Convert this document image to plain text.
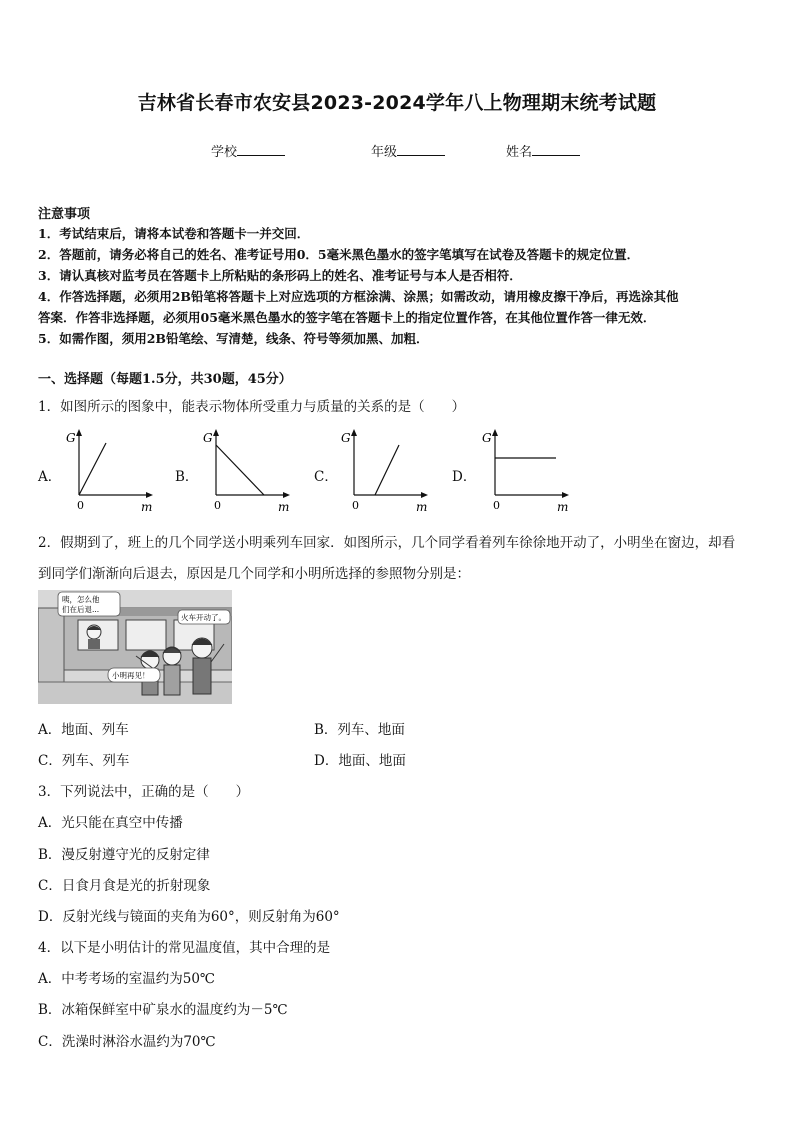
吉林省长春市农安县2023-2024学年八上物理期末统考试题
学校	年级	姓名
注意事项
1．考试结束后，请将本试卷和答题卡一并交回．
2．答题前，请务必将自己的姓名、准考证号用0．5毫米黑色墨水的签字笔填写在试卷及答题卡的规定位置．
3．请认真核对监考员在答题卡上所粘贴的条形码上的姓名、准考证号与本人是否相符．
4．作答选择题，必须用2B铅笔将答题卡上对应选项的方框涂满、涂黑；如需改动，请用橡皮擦干净后，再选涂其他
答案．作答非选择题，必须用05毫米黑色墨水的签字笔在答题卡上的指定位置作答，在其他位置作答一律无效．
5．如需作图，须用2B铅笔绘、写清楚，线条、符号等须加黑、加粗．
一、选择题（每题1.5分，共30题，45分）
1．如图所示的图象中，能表示物体所受重力与质量的关系的是（　　）
A．	B．	C．	D．
G
0	m
G
0	m
G
0	m
G
0	m
2．假期到了，班上的几个同学送小明乘列车回家．如图所示，几个同学看着列车徐徐地开动了，小明坐在窗边，却看
到同学们渐渐向后退去，原因是几个同学和小明所选择的参照物分别是：
咦，怎么他
们在后退...
火车开动了。
小明再见！
A．地面、列车	B．列车、地面
C．列车、列车	D．地面、地面
3．下列说法中，正确的是（　　）
A．光只能在真空中传播
B．漫反射遵守光的反射定律
C．日食月食是光的折射现象
D．反射光线与镜面的夹角为60°，则反射角为60°
4．以下是小明估计的常见温度值，其中合理的是
A．中考考场的室温约为50℃
B．冰箱保鲜室中矿泉水的温度约为－5℃
C．洗澡时淋浴水温约为70℃
